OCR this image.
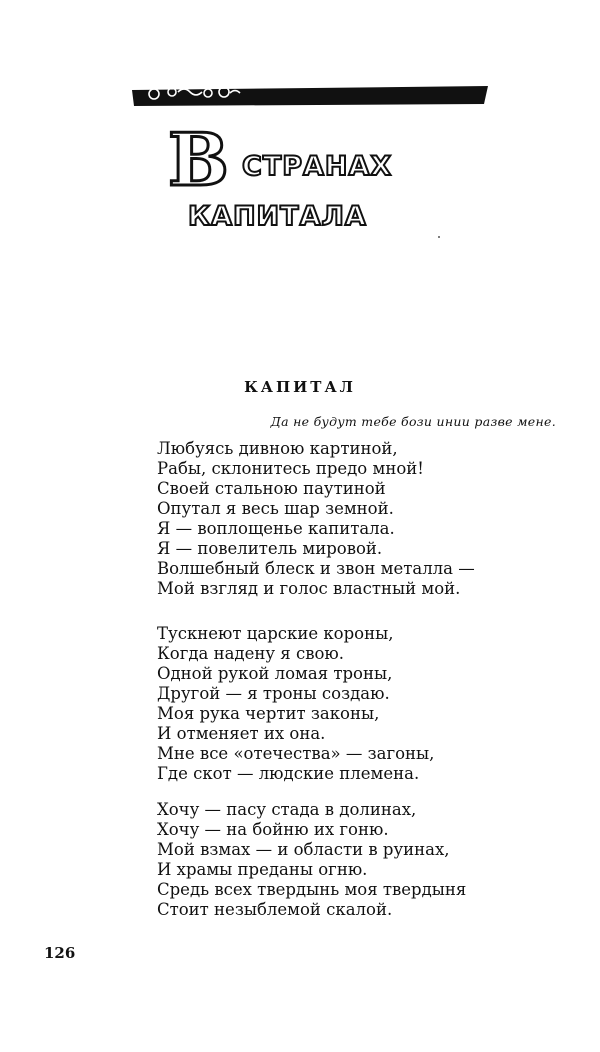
В странах
капитала
КАПИТАЛ
Да не будут тебе бози инии разве мене.
Любуясь дивною картиной,
Рабы, склонитесь предо мной!
Своей стальною паутиной
Опутал я весь шар земной.
Я — воплощенье капитала.
Я — повелитель мировой.
Волшебный блеск и звон металла —
Мой взгляд и голос властный мой.
Тускнеют царские короны,
Когда надену я свою.
Одной рукой ломая троны,
Другой — я троны создаю.
Моя рука чертит законы,
И отменяет их она.
Мне все «отечества» — загоны,
Где скот — людские племена.
Хочу — пасу стада в долинах,
Хочу — на бойню их гоню.
Мой взмах — и области в руинах,
И храмы преданы огню.
Средь всех твердынь моя твердыня
Стоит незыблемой скалой.
126
